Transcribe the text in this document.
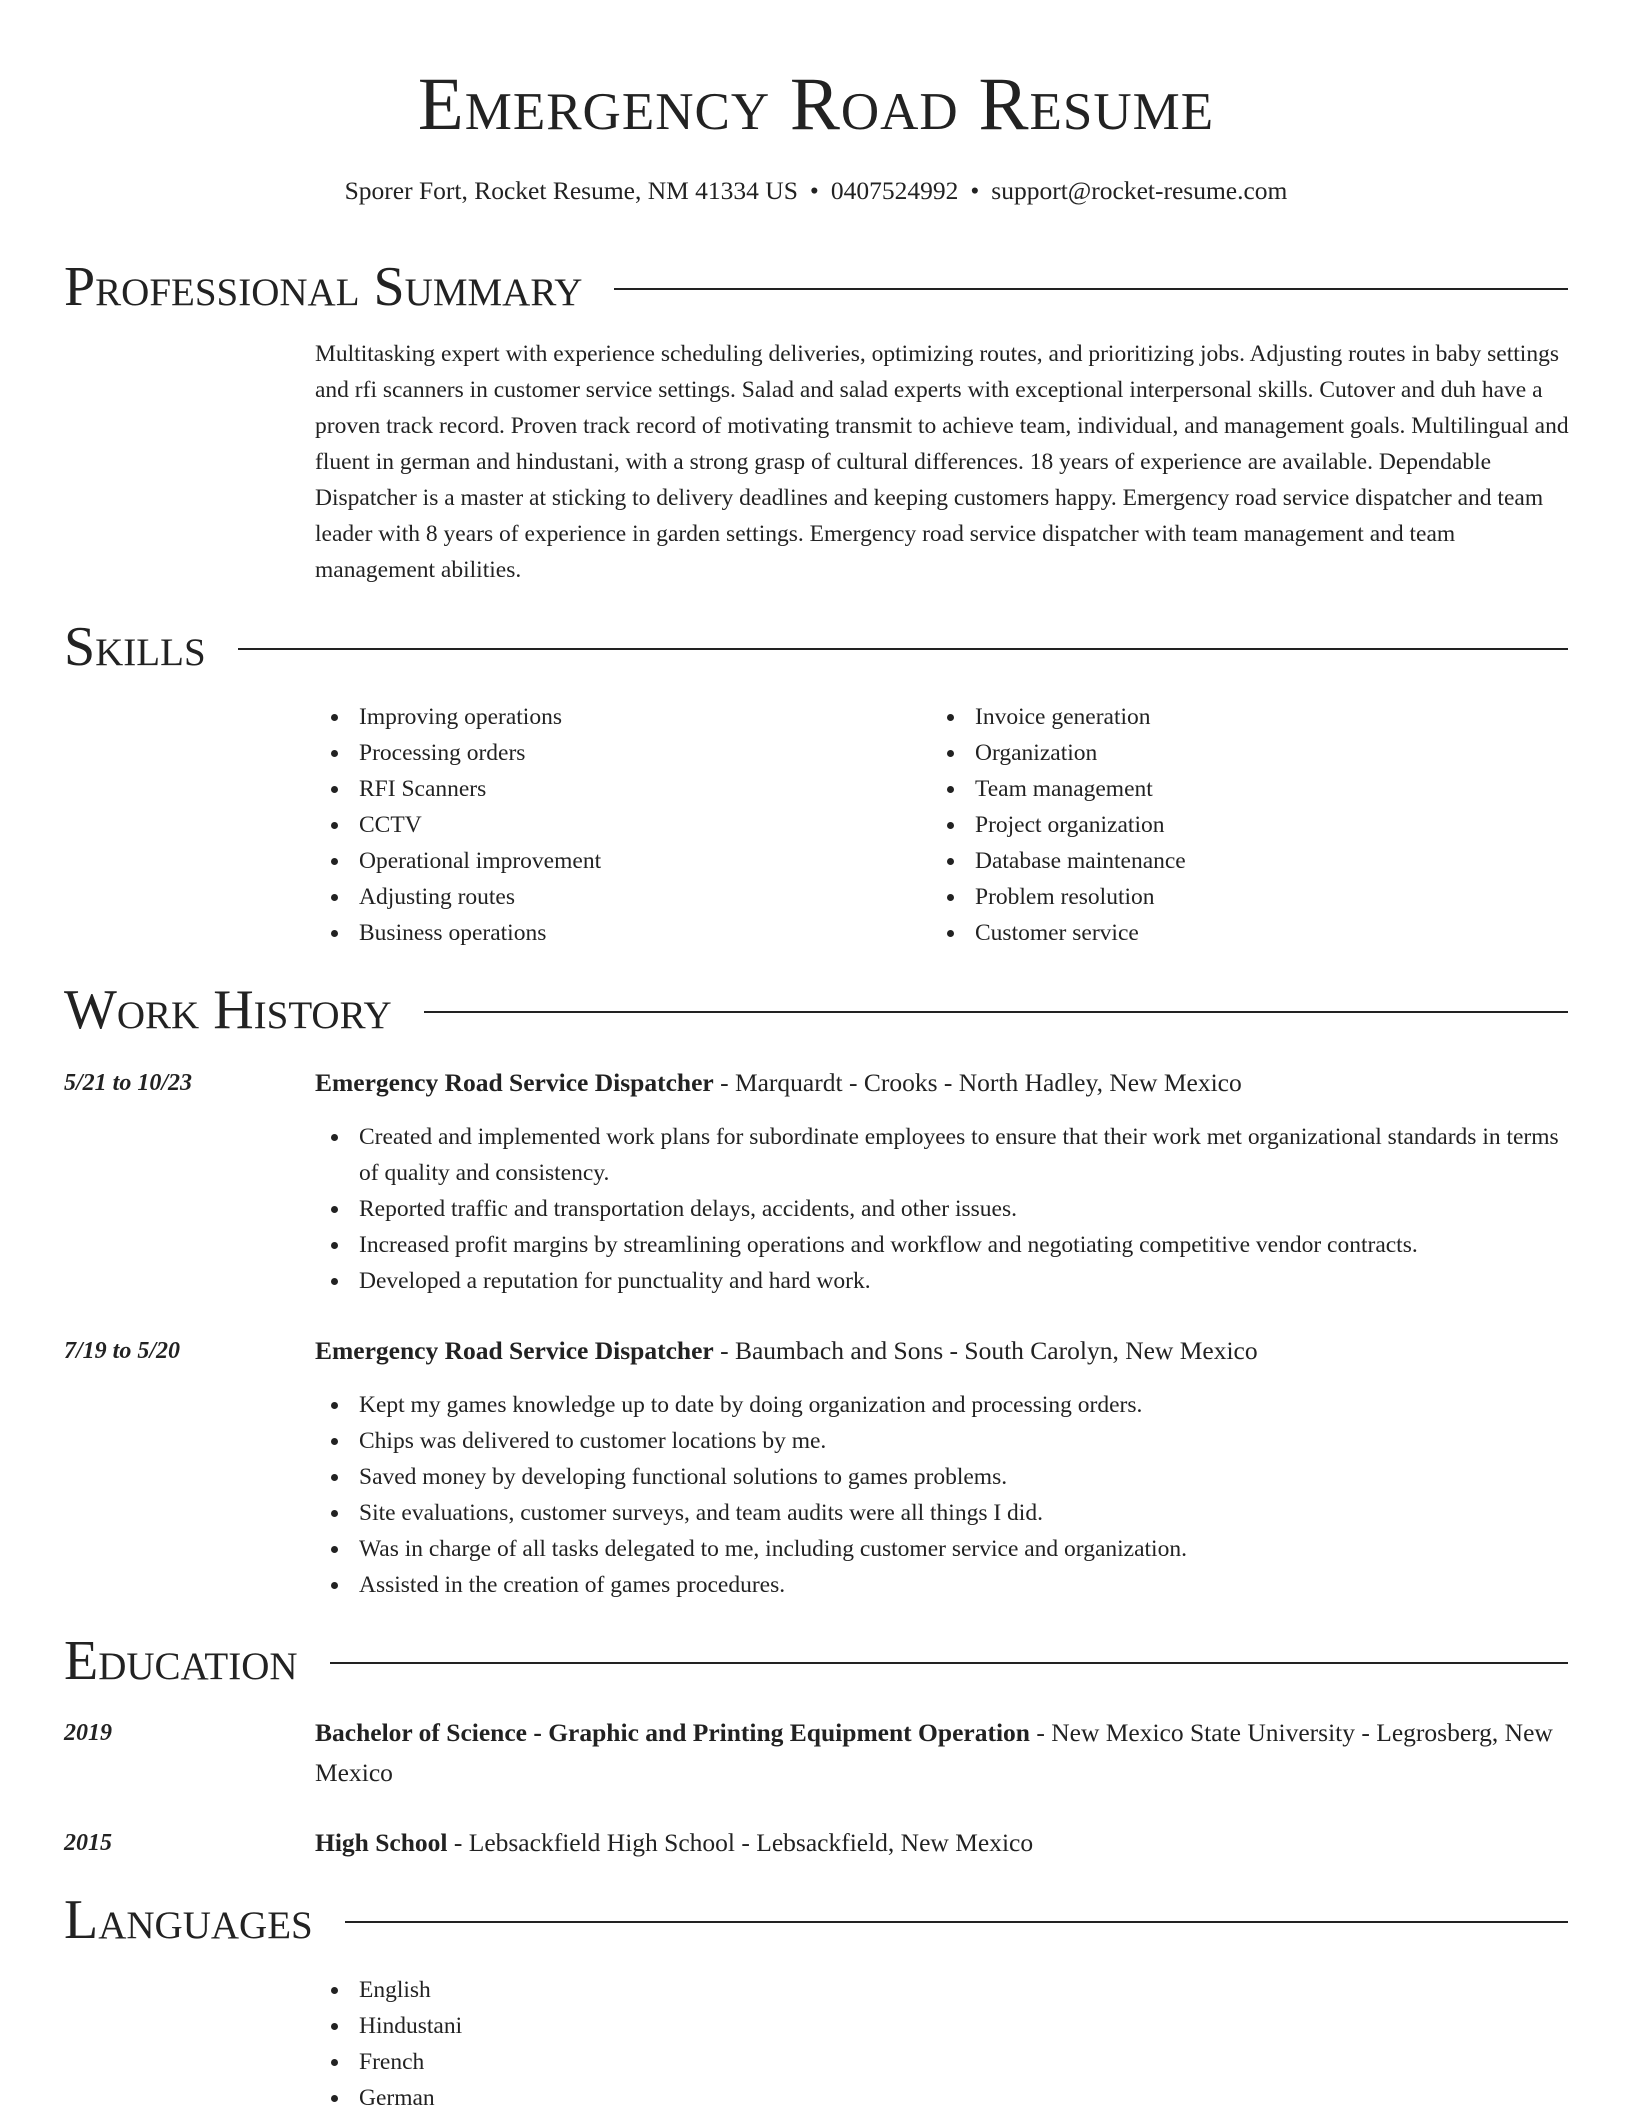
Emergency Road Resume
Sporer Fort, Rocket Resume, NM 41334 US • 0407524992 • support@rocket-resume.com
Professional Summary
Multitasking expert with experience scheduling deliveries, optimizing routes, and prioritizing jobs. Adjusting routes in baby settings and rfi scanners in customer service settings. Salad and salad experts with exceptional interpersonal skills. Cutover and duh have a proven track record. Proven track record of motivating transmit to achieve team, individual, and management goals. Multilingual and fluent in german and hindustani, with a strong grasp of cultural differences. 18 years of experience are available. Dependable Dispatcher is a master at sticking to delivery deadlines and keeping customers happy. Emergency road service dispatcher and team leader with 8 years of experience in garden settings. Emergency road service dispatcher with team management and team management abilities.
Skills
Improving operations
Processing orders
RFI Scanners
CCTV
Operational improvement
Adjusting routes
Business operations
Invoice generation
Organization
Team management
Project organization
Database maintenance
Problem resolution
Customer service
Work History
5/21 to 10/23	Emergency Road Service Dispatcher - Marquardt - Crooks - North Hadley, New Mexico
Created and implemented work plans for subordinate employees to ensure that their work met organizational standards in terms of quality and consistency.
Reported traffic and transportation delays, accidents, and other issues.
Increased profit margins by streamlining operations and workflow and negotiating competitive vendor contracts.
Developed a reputation for punctuality and hard work.
7/19 to 5/20	Emergency Road Service Dispatcher - Baumbach and Sons - South Carolyn, New Mexico
Kept my games knowledge up to date by doing organization and processing orders.
Chips was delivered to customer locations by me.
Saved money by developing functional solutions to games problems.
Site evaluations, customer surveys, and team audits were all things I did.
Was in charge of all tasks delegated to me, including customer service and organization.
Assisted in the creation of games procedures.
Education
2019	Bachelor of Science - Graphic and Printing Equipment Operation - New Mexico State University - Legrosberg, New Mexico
2015	High School - Lebsackfield High School - Lebsackfield, New Mexico
Languages
English
Hindustani
French
German
